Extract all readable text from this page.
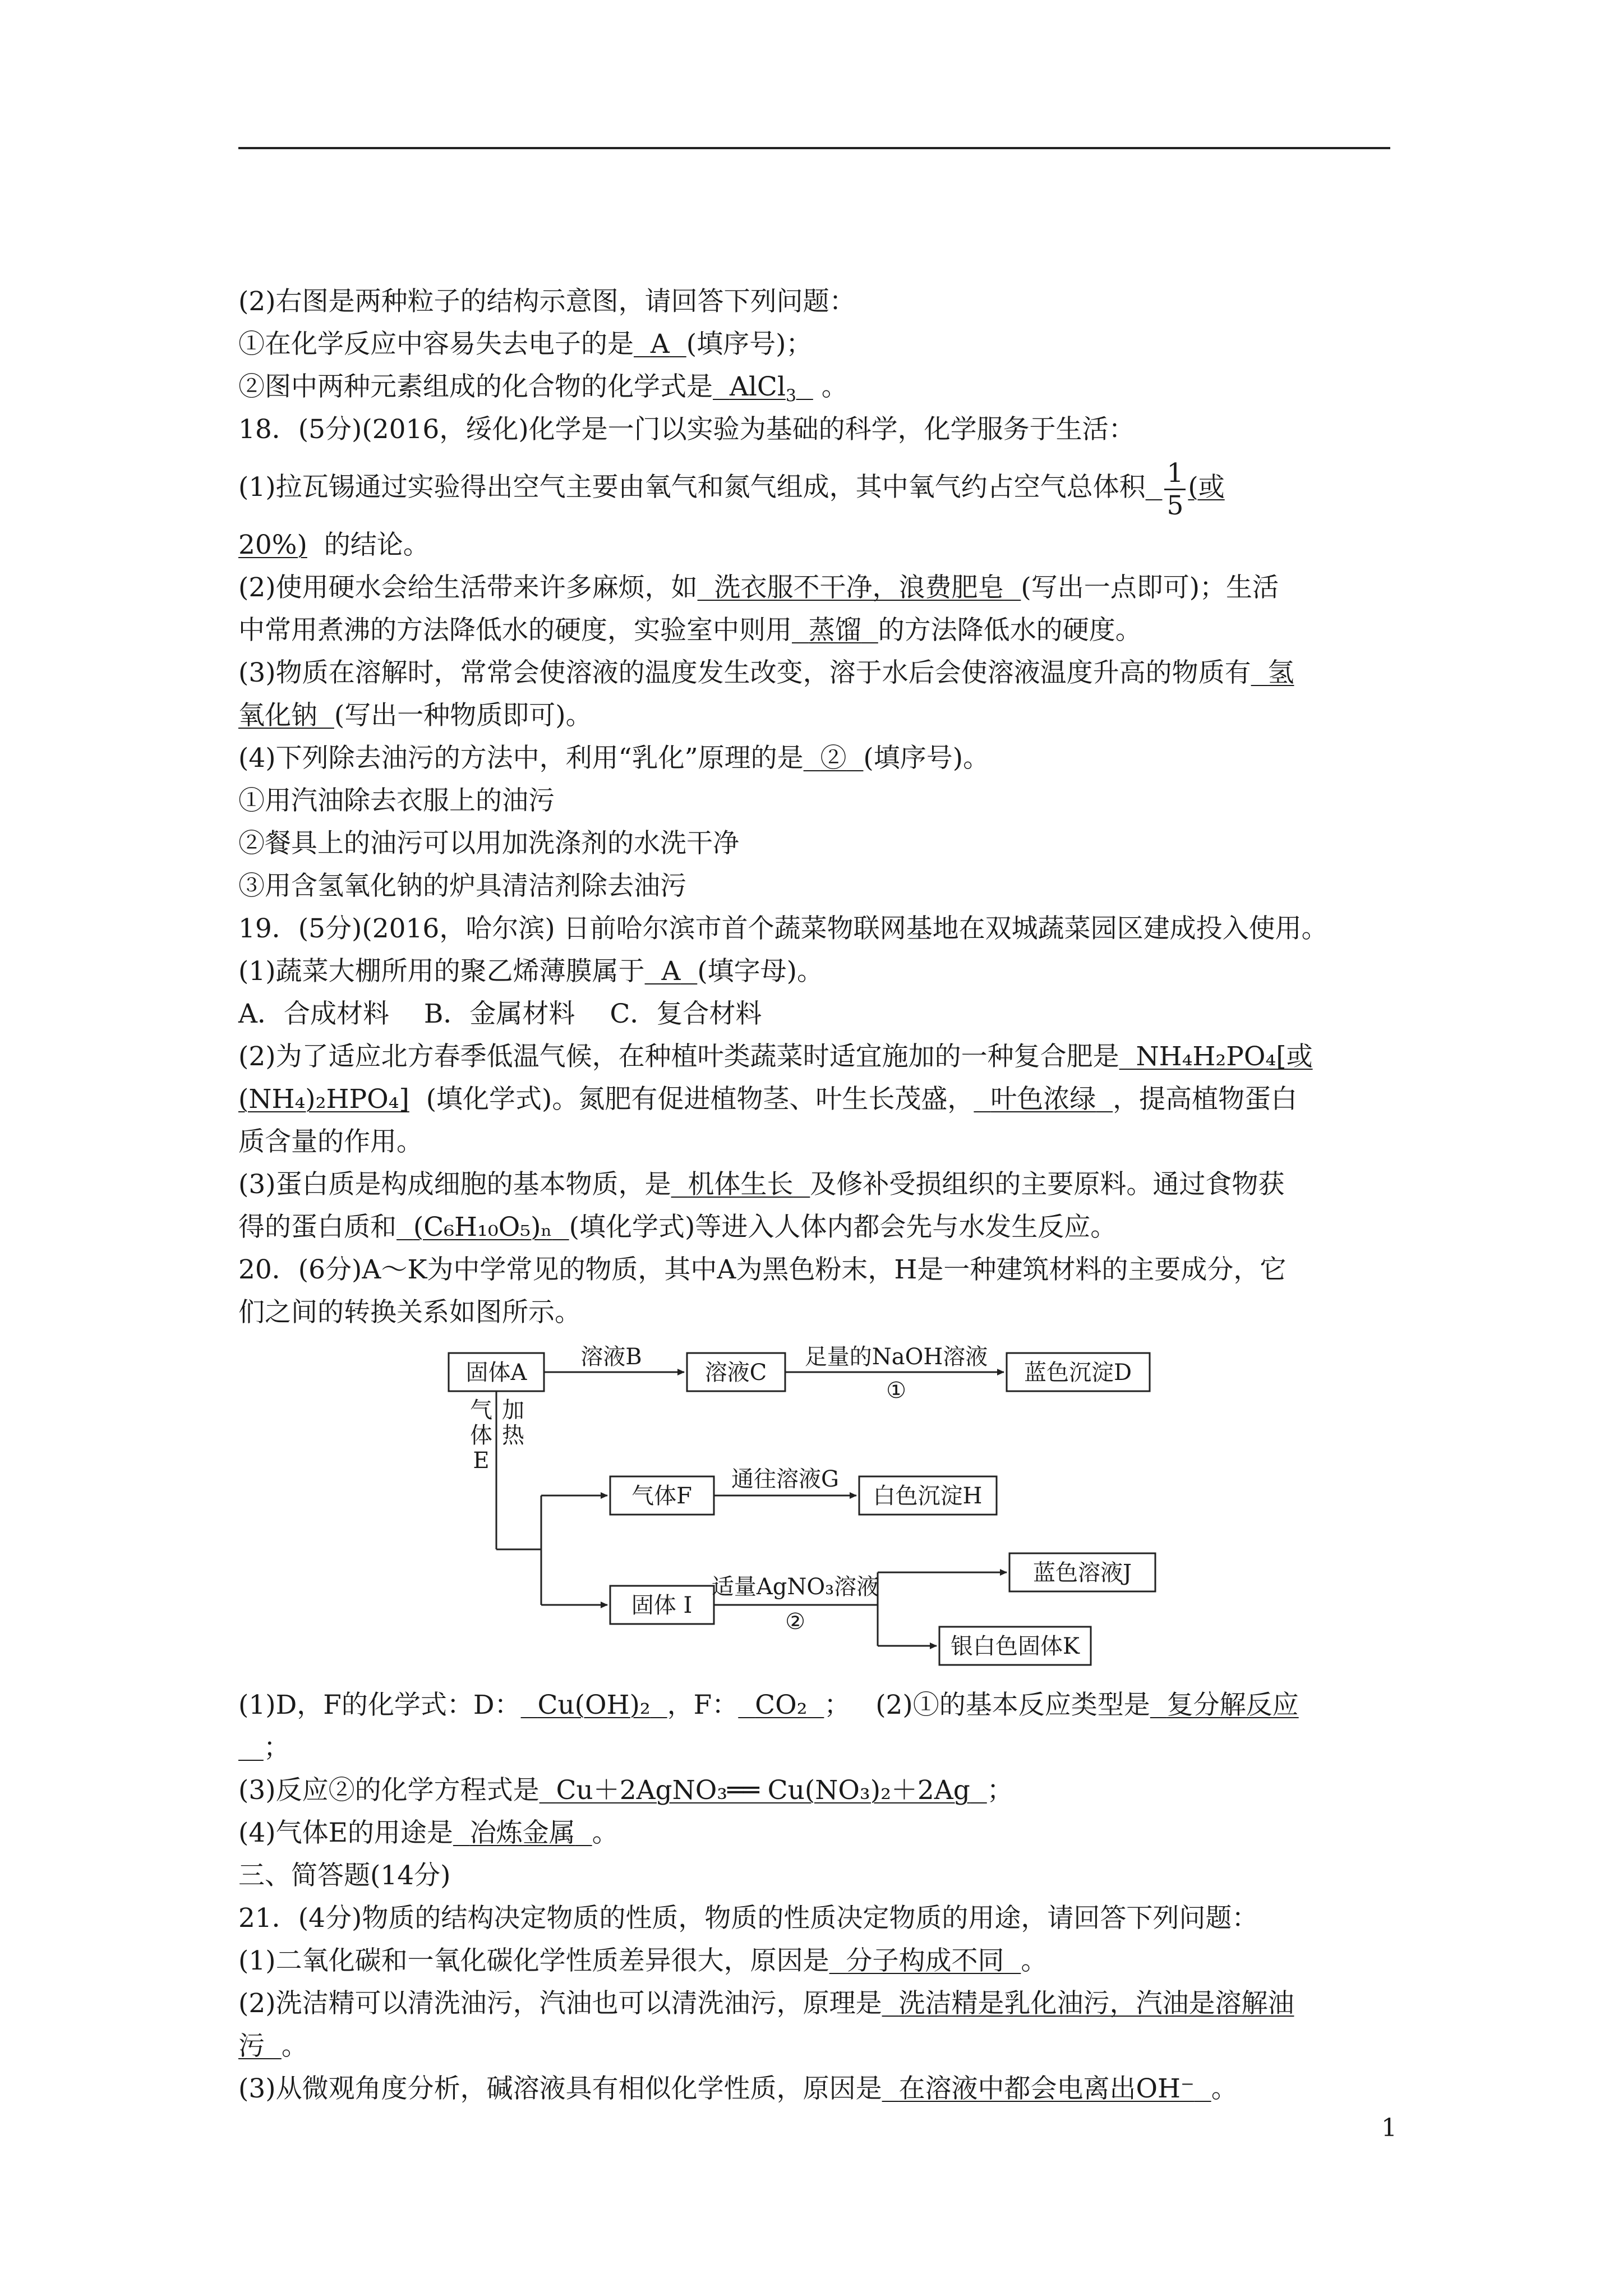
(2)右图是两种粒子的结构示意图，请回答下列问题：
①在化学反应中容易失去电子的是 A (填序号)；
②图中两种元素组成的化合物的化学式是 AlCl$_3$ 。
18．(5分)(2016，绥化)化学是一门以实验为基础的科学，化学服务于生活：
(1)拉瓦锡通过实验得出空气主要由氧气和氮气组成，其中氧气约占空气总体积 $\frac{1}{5}$ (或
20%) 的结论。
(2)使用硬水会给生活带来许多麻烦，如 洗衣服不干净，浪费肥皂 (写出一点即可)；生活
中常用煮沸的方法降低水的硬度，实验室中则用 蒸馏 的方法降低水的硬度。
(3)物质在溶解时，常常会使溶液的温度发生改变，溶于水后会使溶液温度升高的物质有 氢
氧化钠 (写出一种物质即可)。
(4)下列除去油污的方法中，利用“乳化”原理的是 ② (填序号)。
①用汽油除去衣服上的油污
②餐具上的油污可以用加洗涤剂的水洗干净
③用含氢氧化钠的炉具清洁剂除去油污
19．(5分)(2016，哈尔滨) 日前哈尔滨市首个蔬菜物联网基地在双城蔬菜园区建成投入使用。
(1)蔬菜大棚所用的聚乙烯薄膜属于 A (填字母)。
A．合成材料　 B．金属材料　 C．复合材料
(2)为了适应北方春季低温气候，在种植叶类蔬菜时适宜施加的一种复合肥是 NH₄H₂PO₄[或
(NH₄)₂HPO₄] (填化学式)。氮肥有促进植物茎、叶生长茂盛， 叶色浓绿 ，提高植物蛋白
质含量的作用。
(3)蛋白质是构成细胞的基本物质，是 机体生长 及修补受损组织的主要原料。通过食物获
得的蛋白质和 (C₆H₁₀O₅)ₙ (填化学式)等进入人体内都会先与水发生反应。
20．(6分)A～K为中学常见的物质，其中A为黑色粉末，H是一种建筑材料的主要成分，它
们之间的转换关系如图所示。
固体A
溶液B
溶液C
足量的NaOH溶液
①
蓝色沉淀D
气
体
E
加
热
气体F
通往溶液G
白色沉淀H
固体 I
适量AgNO₃溶液
②
蓝色溶液J
银白色固体K
(1)D，F的化学式：D： Cu(OH)₂ ，F： CO₂ ； (2)①的基本反应类型是 复分解反应
；
(3)反应②的化学方程式是 Cu＋2AgNO₃══ Cu(NO₃)₂＋2Ag ；
(4)气体E的用途是 冶炼金属 。
三、简答题(14分)
21．(4分)物质的结构决定物质的性质，物质的性质决定物质的用途，请回答下列问题：
(1)二氧化碳和一氧化碳化学性质差异很大，原因是 分子构成不同 。
(2)洗洁精可以清洗油污，汽油也可以清洗油污，原理是 洗洁精是乳化油污，汽油是溶解油
污 。
(3)从微观角度分析，碱溶液具有相似化学性质，原因是 在溶液中都会电离出OH⁻ 。
1
